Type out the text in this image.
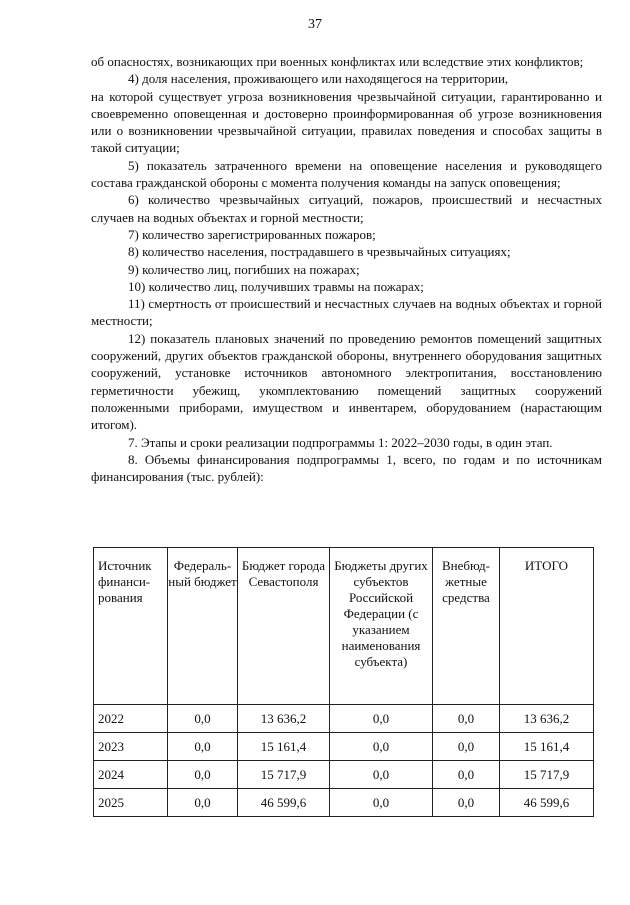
37

об опасностях, возникающих при военных конфликтах или вследствие этих конфликтов;

4) доля населения, проживающего или находящегося на территории,

на которой существует угроза возникновения чрезвычайной ситуации, гарантированно и своевременно оповещенная и достоверно проинформированная об угрозе возникновения или о возникновении чрезвычайной ситуации, правилах поведения и способах защиты в такой ситуации;

5) показатель затраченного времени на оповещение населения и руководящего состава гражданской обороны с момента получения команды на запуск оповещения;

6) количество чрезвычайных ситуаций, пожаров, происшествий и несчастных случаев на водных объектах и горной местности;

7) количество зарегистрированных пожаров;

8) количество населения, пострадавшего в чрезвычайных ситуациях;

9) количество лиц, погибших на пожарах;

10) количество лиц, получивших травмы на пожарах;

11) смертность от происшествий и несчастных случаев на водных объектах и горной местности;

12) показатель плановых значений по проведению ремонтов помещений защитных сооружений, других объектов гражданской обороны, внутреннего оборудования защитных сооружений, установке источников автономного электропитания, восстановлению герметичности убежищ, укомплектованию помещений защитных сооружений положенными приборами, имуществом и инвентарем, оборудованием (нарастающим итогом).

7. Этапы и сроки реализации подпрограммы 1: 2022–2030 годы, в один этап.

8. Объемы финансирования подпрограммы 1, всего, по годам и по источникам финансирования (тыс. рублей):

Источник финанси-рования	Федераль-ный бюджет	Бюджет города Севастополя	Бюджеты других субъектов Российской Федерации (с указанием наименования субъекта)	Внебюд-жетные средства	ИТОГО
2022	0,0	13 636,2	0,0	0,0	13 636,2
2023	0,0	15 161,4	0,0	0,0	15 161,4
2024	0,0	15 717,9	0,0	0,0	15 717,9
2025	0,0	46 599,6	0,0	0,0	46 599,6
